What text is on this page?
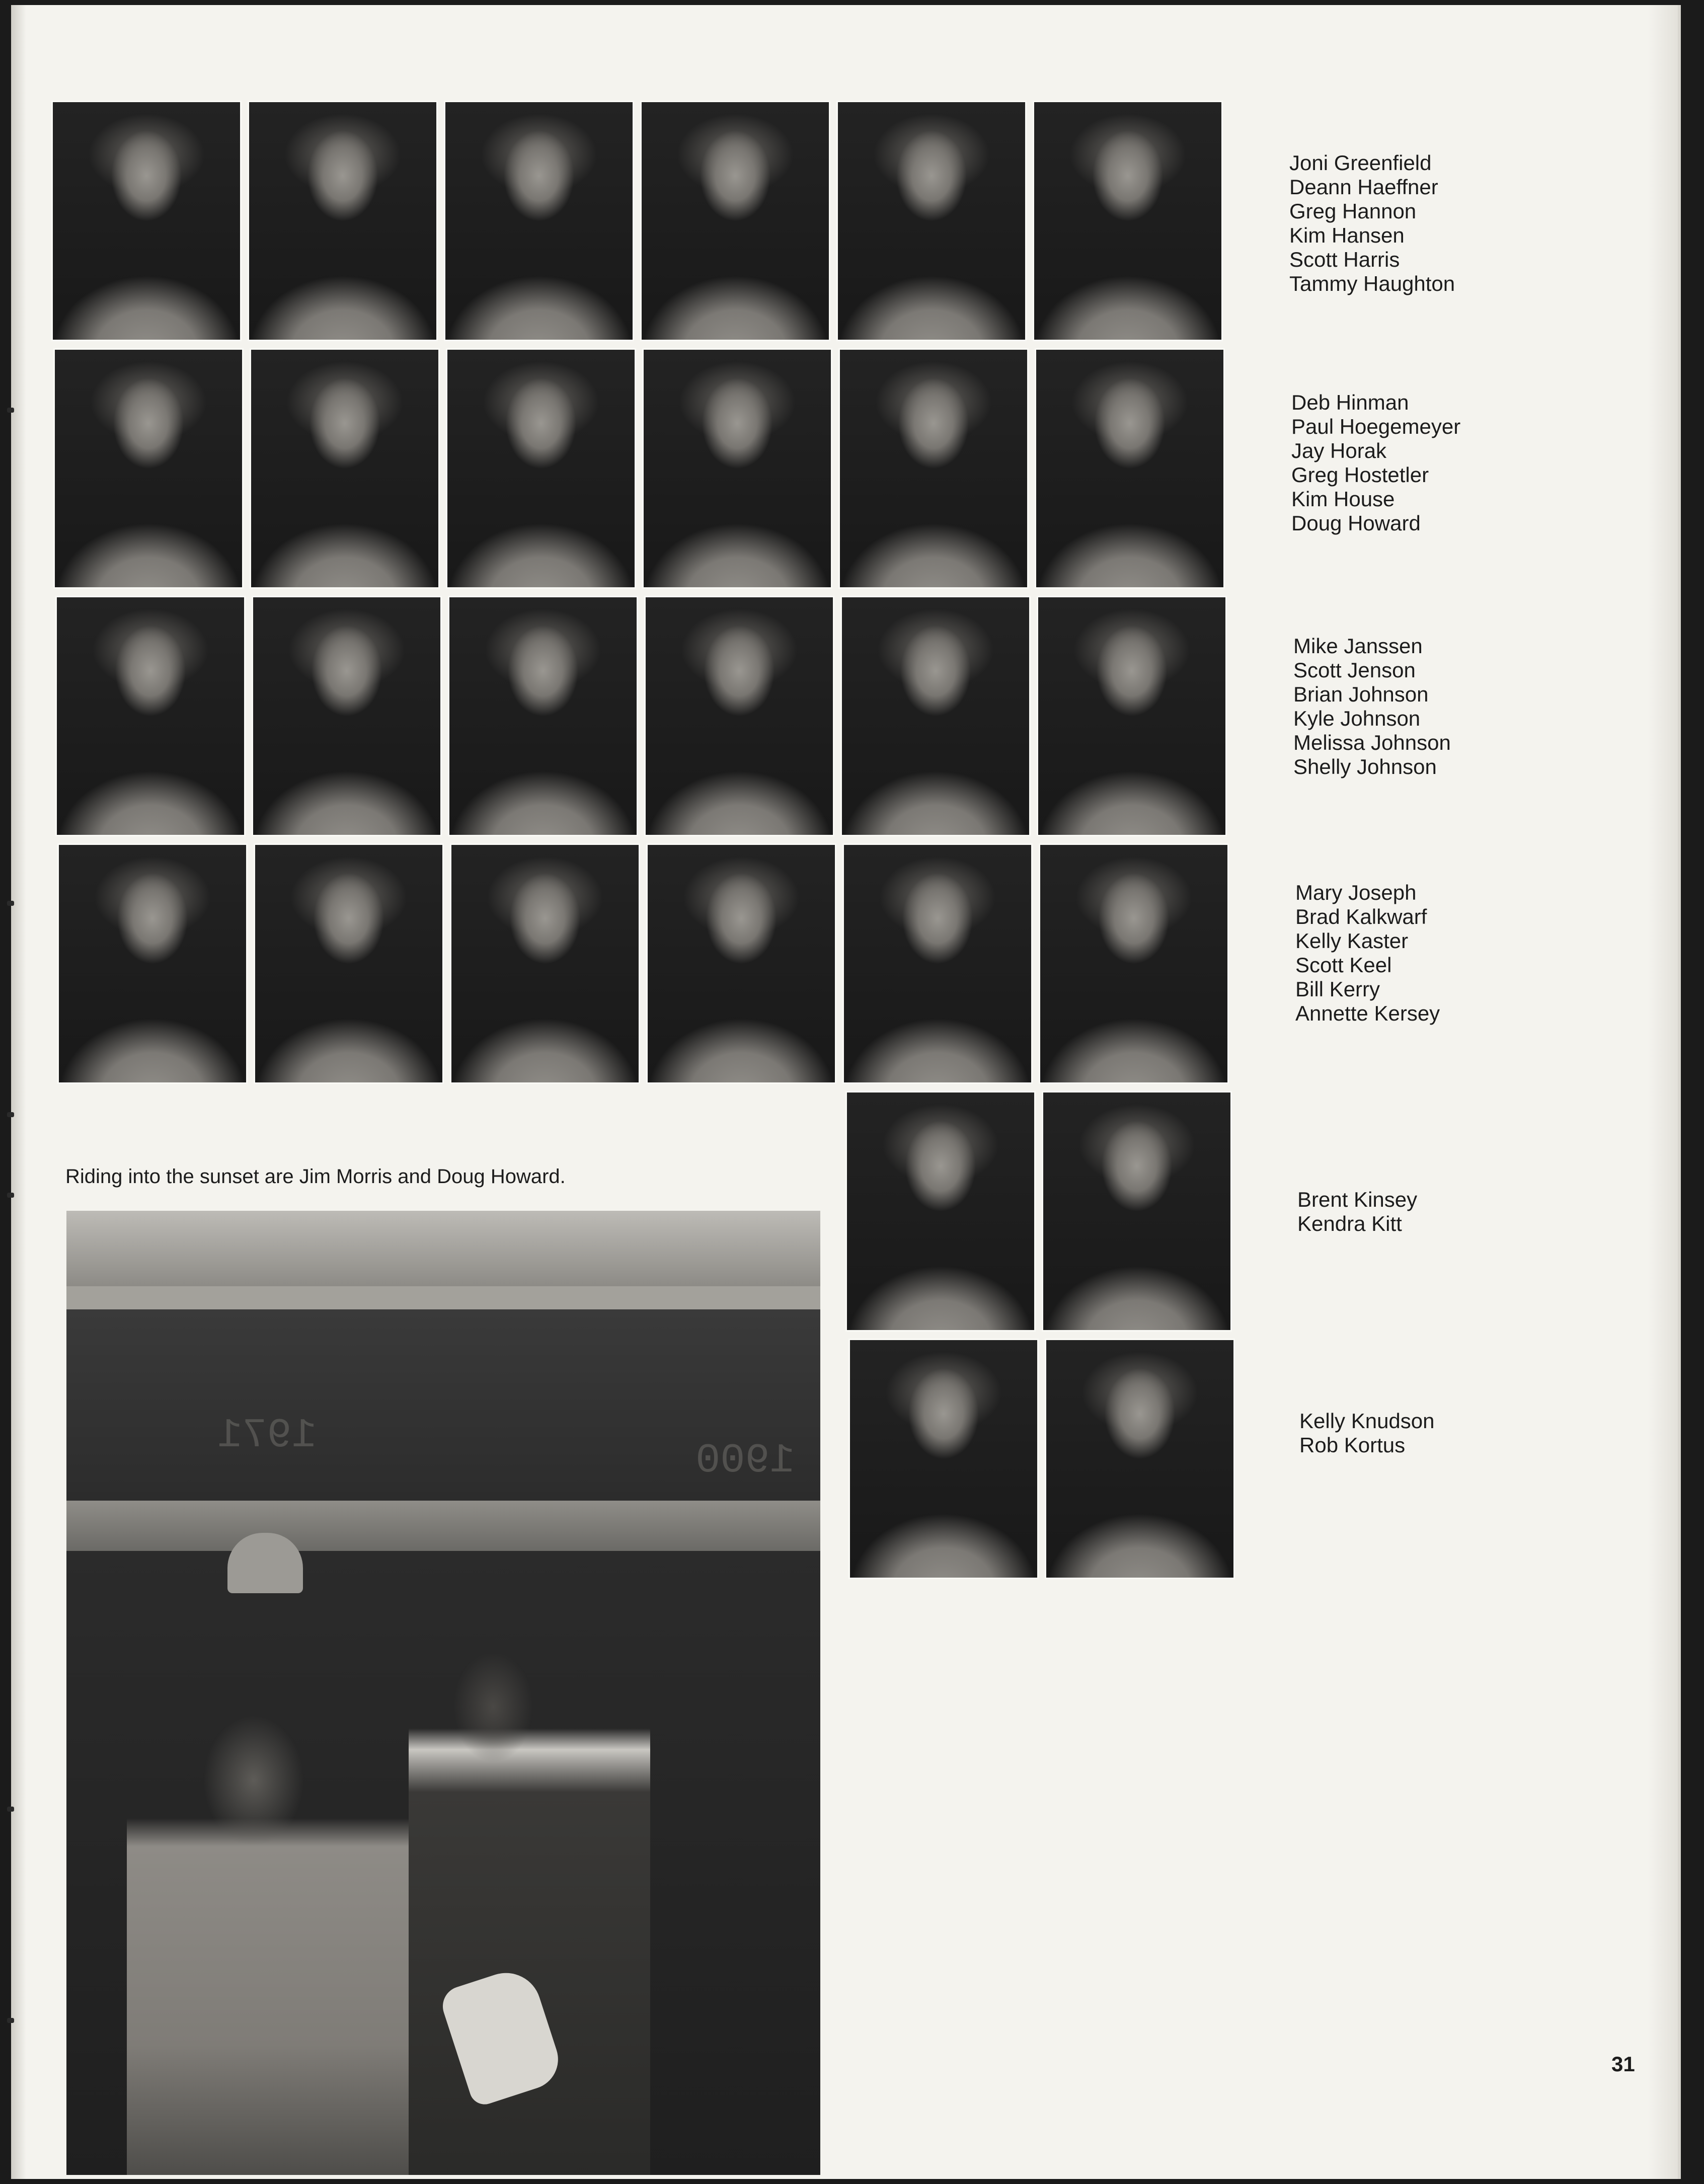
Joni Greenfield
Deann Haeffner
Greg Hannon
Kim Hansen
Scott Harris
Tammy Haughton
Deb Hinman
Paul Hoegemeyer
Jay Horak
Greg Hostetler
Kim House
Doug Howard
Mike Janssen
Scott Jenson
Brian Johnson
Kyle Johnson
Melissa Johnson
Shelly Johnson
Mary Joseph
Brad Kalkwarf
Kelly Kaster
Scott Keel
Bill Kerry
Annette Kersey
Brent Kinsey
Kendra Kitt
Kelly Knudson
Rob Kortus
Riding into the sunset are Jim Morris and Doug Howard.
1971
1900
31
